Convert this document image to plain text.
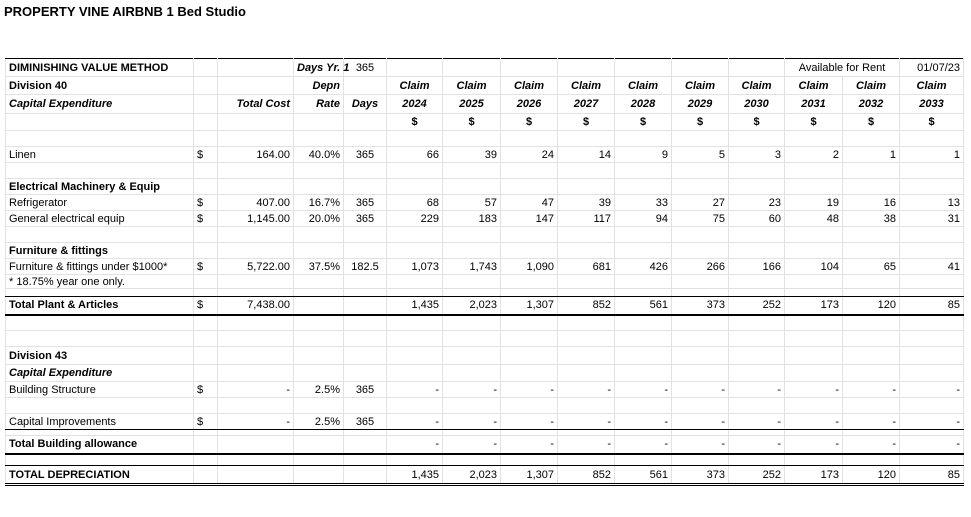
PROPERTY VINE AIRBNB 1 Bed Studio
DIMINISHING VALUE METHOD			Days Yr. 1	365								Available for Rent		01/07/23
Division 40			Depn		Claim	Claim	Claim	Claim	Claim	Claim	Claim	Claim	Claim	Claim
Capital Expenditure		Total Cost	Rate	Days	2024	2025	2026	2027	2028	2029	2030	2031	2032	2033
					$	$	$	$	$	$	$	$	$	$

Linen	$	164.00	40.0%	365	66	39	24	14	9	5	3	2	1	1

Electrical Machinery & Equip														
Refrigerator	$	407.00	16.7%	365	68	57	47	39	33	27	23	19	16	13
General electrical equip	$	1,145.00	20.0%	365	229	183	147	117	94	75	60	48	38	31

Furniture & fittings														
Furniture & fittings under $1000*	$	5,722.00	37.5%	182.5	1,073	1,743	1,090	681	426	266	166	104	65	41
* 18.75% year one only.														

Total Plant & Articles	$	7,438.00			1,435	2,023	1,307	852	561	373	252	173	120	85

Division 43														
Capital Expenditure														
Building Structure	$	-	2.5%	365	-	-	-	-	-	-	-	-	-	-

Capital Improvements	$	-	2.5%	365	-	-	-	-	-	-	-	-	-	-

Total Building allowance					-	-	-	-	-	-	-	-	-	-

TOTAL DEPRECIATION					1,435	2,023	1,307	852	561	373	252	173	120	85
